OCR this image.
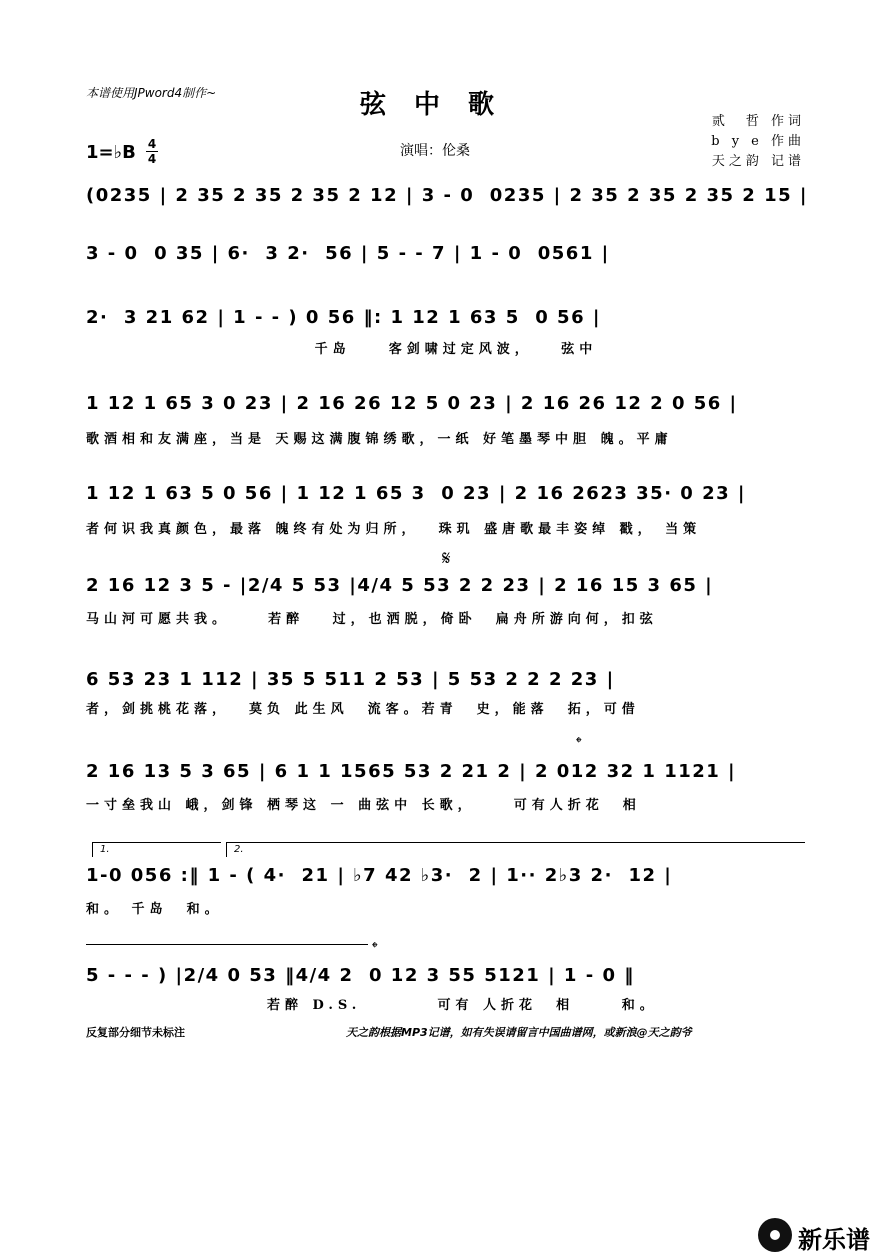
本谱使用JPword4制作~	弦中歌
贰　哲 作词
b y e 作曲
天之韵 记谱
1=♭B 4
4	演唱：伦桑
(0235 | 2 35 2 35 2 35 2 12 | 3 - 0  0235 | 2 35 2 35 2 35 2 15 |
3 - 0  0 35 | 6·  3 2·  56 | 5 - - 7 | 1 - 0  0561 |
2·  3 21 62 | 1 - - ) 0 56 ‖: 1 12 1 63 5  0 56 |
千岛    客剑啸过定风波，   弦中
1 12 1 65 3 0 23 | 2 16 26 12 5 0 23 | 2 16 26 12 2 0 56 |
歌酒相和友满座，当是 天赐这满腹锦绣歌，一纸 好笔墨琴中胆 魄。平庸
1 12 1 63 5 0 56 | 1 12 1 65 3  0 23 | 2 16 2623 35· 0 23 |
者何识我真颜色，最落 魄终有处为归所，  珠玑 盛唐歌最丰姿绰 戳， 当策
𝄋
2 16 12 3 5 - |2/4 5 53 |4/4 5 53 2 2 23 | 2 16 15 3 65 |
马山河可愿共我。    若醉   过，也洒脱，倚卧  扁舟所游向何，扣弦
6 53 23 1 112 | 35 5 511 2 53 | 5 53 2 2 2 23 |
者，剑挑桃花落，  莫负 此生风  流客。若青  史，能落  拓，可借
𝄌
2 16 13 5 3 65 | 6 1 1 1565 53 2 21 2 | 2 012 32 1 1121 |
一寸垒我山 峨，剑锋 栖琴这 一 曲弦中 长歌，    可有人折花  相
1.	2.
1-0 056 :‖ 1 - ( 4·  21 | ♭7 42 ♭3·  2 | 1·· 2♭3 2·  12 |
和。 千岛  和。
𝄌
5 - - - ) |2/4 0 53 ‖4/4 2  0 12 3 55 5121 | 1 - 0 ‖
若醉 D.S.        可有 人折花  相     和。
反复部分细节未标注	天之韵根据MP3记谱，如有失误请留言中国曲谱网，或新浪@天之韵爷
新乐谱
